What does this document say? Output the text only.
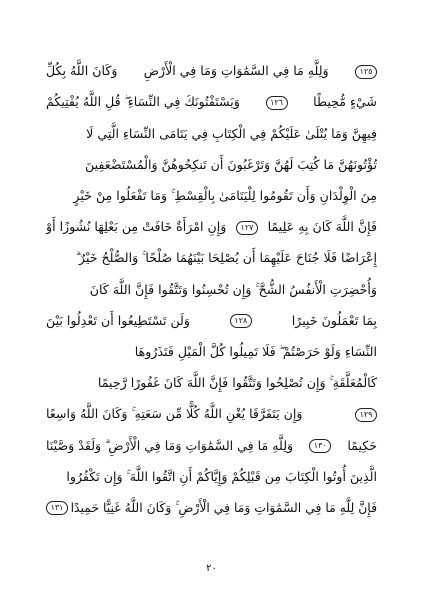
١٢٥
وَلِلَّهِ مَا فِي السَّمَٰوَاتِ وَمَا فِي الْأَرْضِ
وَكَانَ اللَّهُ بِكُلِّ
شَيْءٍ مُّحِيطًا
١٢٦
وَيَسْتَفْتُونَكَ فِي النِّسَاءِ ۖ قُلِ اللَّهُ يُفْتِيكُمْ
فِيهِنَّ وَمَا يُتْلَىٰ عَلَيْكُمْ فِي الْكِتَابِ فِي يَتَامَى النِّسَاءِ الَّتِي لَا
تُؤْتُونَهُنَّ مَا كُتِبَ لَهُنَّ وَتَرْغَبُونَ أَن تَنكِحُوهُنَّ وَالْمُسْتَضْعَفِينَ
مِنَ الْوِلْدَانِ وَأَن تَقُومُوا لِلْيَتَامَىٰ بِالْقِسْطِ ۚ وَمَا تَفْعَلُوا مِنْ خَيْرٍ
فَإِنَّ اللَّهَ كَانَ بِهِ عَلِيمًا
١٢٧
وَإِنِ امْرَأَةٌ خَافَتْ مِن بَعْلِهَا نُشُوزًا أَوْ
إِعْرَاضًا فَلَا جُنَاحَ عَلَيْهِمَا أَن يُصْلِحَا بَيْنَهُمَا صُلْحًا ۚ وَالصُّلْحُ خَيْرٌ ۗ
وَأُحْضِرَتِ الْأَنفُسُ الشُّحَّ ۚ وَإِن تُحْسِنُوا وَتَتَّقُوا فَإِنَّ اللَّهَ كَانَ
بِمَا تَعْمَلُونَ خَبِيرًا
١٢٨
وَلَن تَسْتَطِيعُوا أَن تَعْدِلُوا بَيْنَ
النِّسَاءِ وَلَوْ حَرَصْتُمْ ۖ فَلَا تَمِيلُوا كُلَّ الْمَيْلِ فَتَذَرُوهَا
كَالْمُعَلَّقَةِ ۚ وَإِن تُصْلِحُوا وَتَتَّقُوا فَإِنَّ اللَّهَ كَانَ غَفُورًا رَّحِيمًا
١٢٩
وَإِن يَتَفَرَّقَا يُغْنِ اللَّهُ كُلًّا مِّن سَعَتِهِ ۚ وَكَانَ اللَّهُ وَاسِعًا
حَكِيمًا
١٣٠
وَلِلَّهِ مَا فِي السَّمَٰوَاتِ وَمَا فِي الْأَرْضِ ۗ وَلَقَدْ وَصَّيْنَا
الَّذِينَ أُوتُوا الْكِتَابَ مِن قَبْلِكُمْ وَإِيَّاكُمْ أَنِ اتَّقُوا اللَّهَ ۚ وَإِن تَكْفُرُوا
فَإِنَّ لِلَّهِ مَا فِي السَّمَٰوَاتِ وَمَا فِي الْأَرْضِ ۚ وَكَانَ اللَّهُ غَنِيًّا حَمِيدًا
١٣١
٢٠
